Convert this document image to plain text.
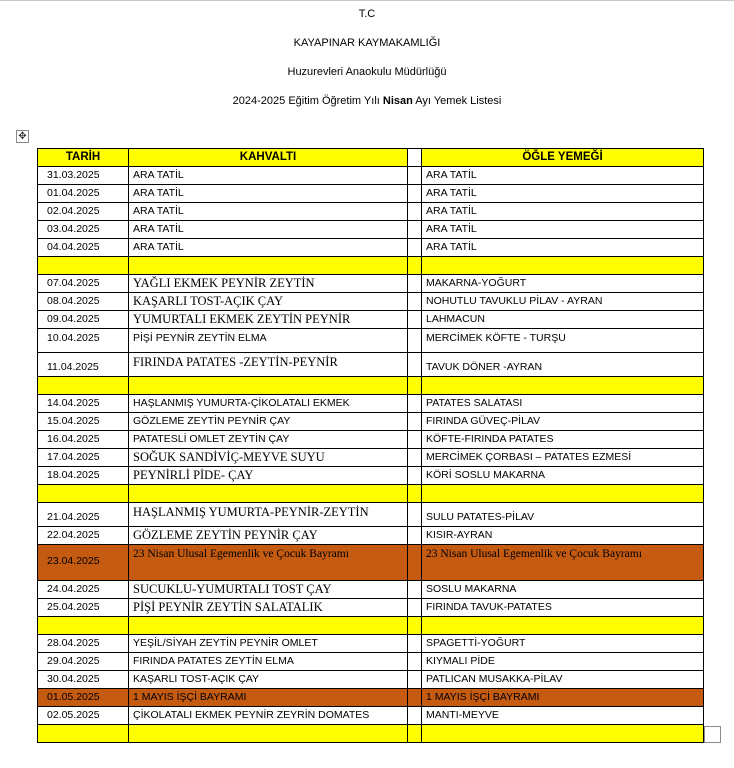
T.C
KAYAPINAR KAYMAKAMLIĞI
Huzurevleri Anaokulu Müdürlüğü
2024-2025 Eğitim Öğretim Yılı Nisan Ayı Yemek Listesi
✥
TARİH	KAHVALTI		ÖĞLE YEMEĞİ
31.03.2025	ARA TATİL		ARA TATİL
01.04.2025	ARA TATİL		ARA TATİL
02.04.2025	ARA TATİL		ARA TATİL
03.04.2025	ARA TATİL		ARA TATİL
04.04.2025	ARA TATİL		ARA TATİL

07.04.2025	YAĞLI EKMEK PEYNİR ZEYTİN		MAKARNA-YOĞURT
08.04.2025	KAŞARLI TOST-AÇIK ÇAY		NOHUTLU TAVUKLU PİLAV - AYRAN
09.04.2025	YUMURTALI EKMEK ZEYTİN PEYNİR		LAHMACUN
10.04.2025	PİŞİ PEYNİR ZEYTİN ELMA		MERCİMEK KÖFTE - TURŞU
11.04.2025	FIRINDA PATATES -ZEYTİN-PEYNİR		TAVUK DÖNER -AYRAN

14.04.2025	HAŞLANMIŞ YUMURTA-ÇİKOLATALI EKMEK		PATATES SALATASI
15.04.2025	GÖZLEME ZEYTİN PEYNİR ÇAY		FIRINDA GÜVEÇ-PİLAV
16.04.2025	PATATESLİ OMLET ZEYTİN ÇAY		KÖFTE-FIRINDA PATATES
17.04.2025	SOĞUK SANDİVİÇ-MEYVE SUYU		MERCİMEK ÇORBASI – PATATES EZMESİ
18.04.2025	PEYNİRLİ PİDE- ÇAY		KÖRİ SOSLU MAKARNA

21.04.2025	HAŞLANMIŞ YUMURTA-PEYNİR-ZEYTİN		SULU PATATES-PİLAV
22.04.2025	GÖZLEME ZEYTİN PEYNİR ÇAY		KISIR-AYRAN
23.04.2025	23 Nisan Ulusal Egemenlik ve Çocuk Bayramı		23 Nisan Ulusal Egemenlik ve Çocuk Bayramı
24.04.2025	SUCUKLU-YUMURTALI TOST ÇAY		SOSLU MAKARNA
25.04.2025	PİŞİ PEYNİR ZEYTİN SALATALIK		FIRINDA TAVUK-PATATES

28.04.2025	YEŞİL/SİYAH ZEYTİN PEYNİR OMLET		SPAGETTİ-YOĞURT
29.04.2025	FIRINDA PATATES ZEYTİN ELMA		KIYMALI PİDE
30.04.2025	KAŞARLI TOST-AÇIK ÇAY		PATLICAN MUSAKKA-PİLAV
01.05.2025	1 MAYIS İŞÇİ BAYRAMI		1 MAYIS İŞÇİ BAYRAMI
02.05.2025	ÇİKOLATALI EKMEK PEYNİR ZEYRİN DOMATES		MANTI-MEYVE
